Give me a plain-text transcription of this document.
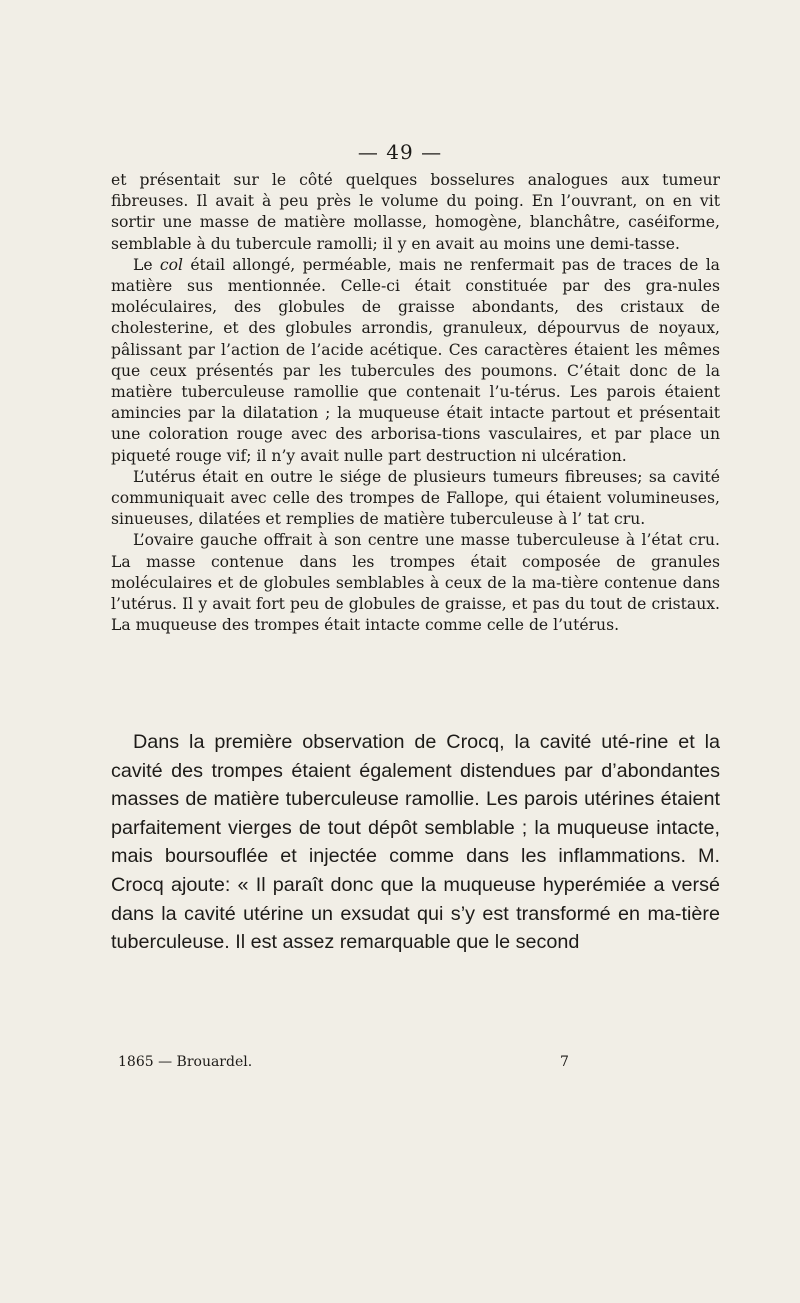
— 49 —

et présentait sur le côté quelques bosselures analogues aux tumeur fibreuses. Il avait à peu près le volume du poing. En l’ouvrant, on en vit sortir une masse de matière mollasse, homogène, blanchâtre, caséiforme, semblable à du tubercule ramolli; il y en avait au moins une demi-tasse.

Le col étail allongé, perméable, mais ne renfermait pas de traces de la matière sus mentionnée. Celle-ci était constituée par des gra-nules moléculaires, des globules de graisse abondants, des cristaux de cholesterine, et des globules arrondis, granuleux, dépourvus de noyaux, pâlissant par l’action de l’acide acétique. Ces caractères étaient les mêmes que ceux présentés par les tubercules des poumons. C’était donc de la matière tuberculeuse ramollie que contenait l’u-térus. Les parois étaient amincies par la dilatation ; la muqueuse était intacte partout et présentait une coloration rouge avec des arborisa-tions vasculaires, et par place un piqueté rouge vif; il n’y avait nulle part destruction ni ulcération.

L’utérus était en outre le siége de plusieurs tumeurs fibreuses; sa cavité communiquait avec celle des trompes de Fallope, qui étaient volumineuses, sinueuses, dilatées et remplies de matière tuberculeuse à l’ tat cru.

L’ovaire gauche offrait à son centre une masse tuberculeuse à l’état cru. La masse contenue dans les trompes était composée de granules moléculaires et de globules semblables à ceux de la ma-tière contenue dans l’utérus. Il y avait fort peu de globules de graisse, et pas du tout de cristaux. La muqueuse des trompes était intacte comme celle de l’utérus.

Dans la première observation de Crocq, la cavité uté-rine et la cavité des trompes étaient également distendues par d’abondantes masses de matière tuberculeuse ramollie. Les parois utérines étaient parfaitement vierges de tout dépôt semblable ; la muqueuse intacte, mais boursouflée et injectée comme dans les inflammations. M. Crocq ajoute: « Il paraît donc que la muqueuse hyperémiée a versé dans la cavité utérine un exsudat qui s’y est transformé en ma-tière tuberculeuse. Il est assez remarquable que le second

1865 — Brouardel.	7
